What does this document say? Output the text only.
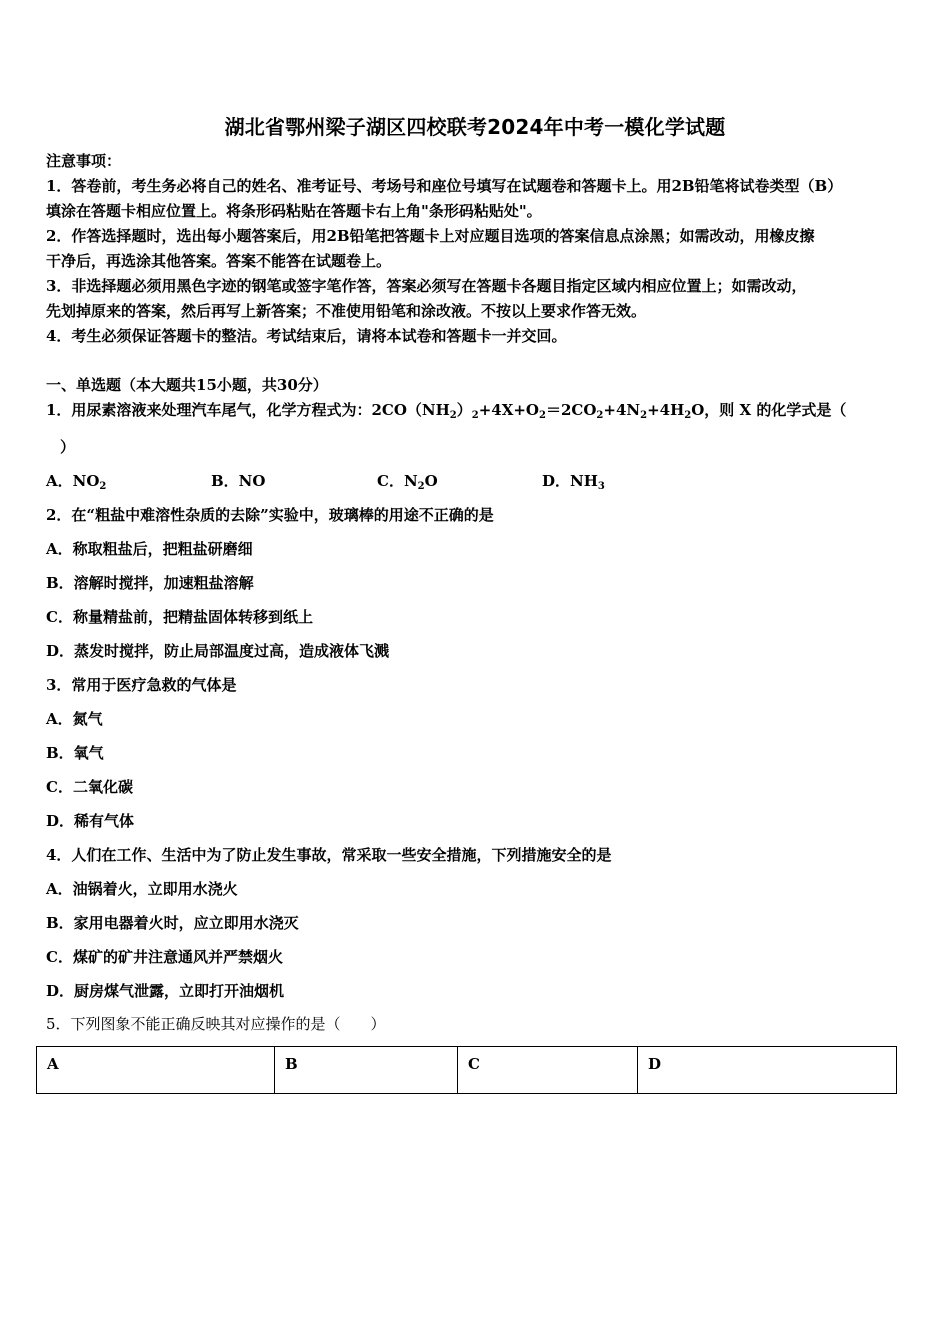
湖北省鄂州梁子湖区四校联考2024年中考一模化学试题
注意事项：
1．答卷前，考生务必将自己的姓名、准考证号、考场号和座位号填写在试题卷和答题卡上。用2B铅笔将试卷类型（B）
填涂在答题卡相应位置上。将条形码粘贴在答题卡右上角"条形码粘贴处"。
2．作答选择题时，选出每小题答案后，用2B铅笔把答题卡上对应题目选项的答案信息点涂黑；如需改动，用橡皮擦
干净后，再选涂其他答案。答案不能答在试题卷上。
3．非选择题必须用黑色字迹的钢笔或签字笔作答，答案必须写在答题卡各题目指定区域内相应位置上；如需改动，
先划掉原来的答案，然后再写上新答案；不准使用铅笔和涂改液。不按以上要求作答无效。
4．考生必须保证答题卡的整洁。考试结束后，请将本试卷和答题卡一并交回。
一、单选题（本大题共15小题，共30分）
1．用尿素溶液来处理汽车尾气，化学方程式为：$2CO(NH_2)_2+4X+O_2=2CO_2+4N_2+4H_2O$，则 X 的化学式是（
）
A．$NO_2$	B．NO	C．$N_2O$	D．$NH_3$
2．在“粗盐中难溶性杂质的去除”实验中，玻璃棒的用途不正确的是
A．称取粗盐后，把粗盐研磨细
B．溶解时搅拌，加速粗盐溶解
C．称量精盐前，把精盐固体转移到纸上
D．蒸发时搅拌，防止局部温度过高，造成液体飞溅
3．常用于医疗急救的气体是
A．氮气
B．氧气
C．二氧化碳
D．稀有气体
4．人们在工作、生活中为了防止发生事故，常采取一些安全措施，下列措施安全的是
A．油锅着火，立即用水浇火
B．家用电器着火时，应立即用水浇灭
C．煤矿的矿井注意通风并严禁烟火
D．厨房煤气泄露，立即打开油烟机
5．下列图象不能正确反映其对应操作的是（　　）
A	B	C	D
